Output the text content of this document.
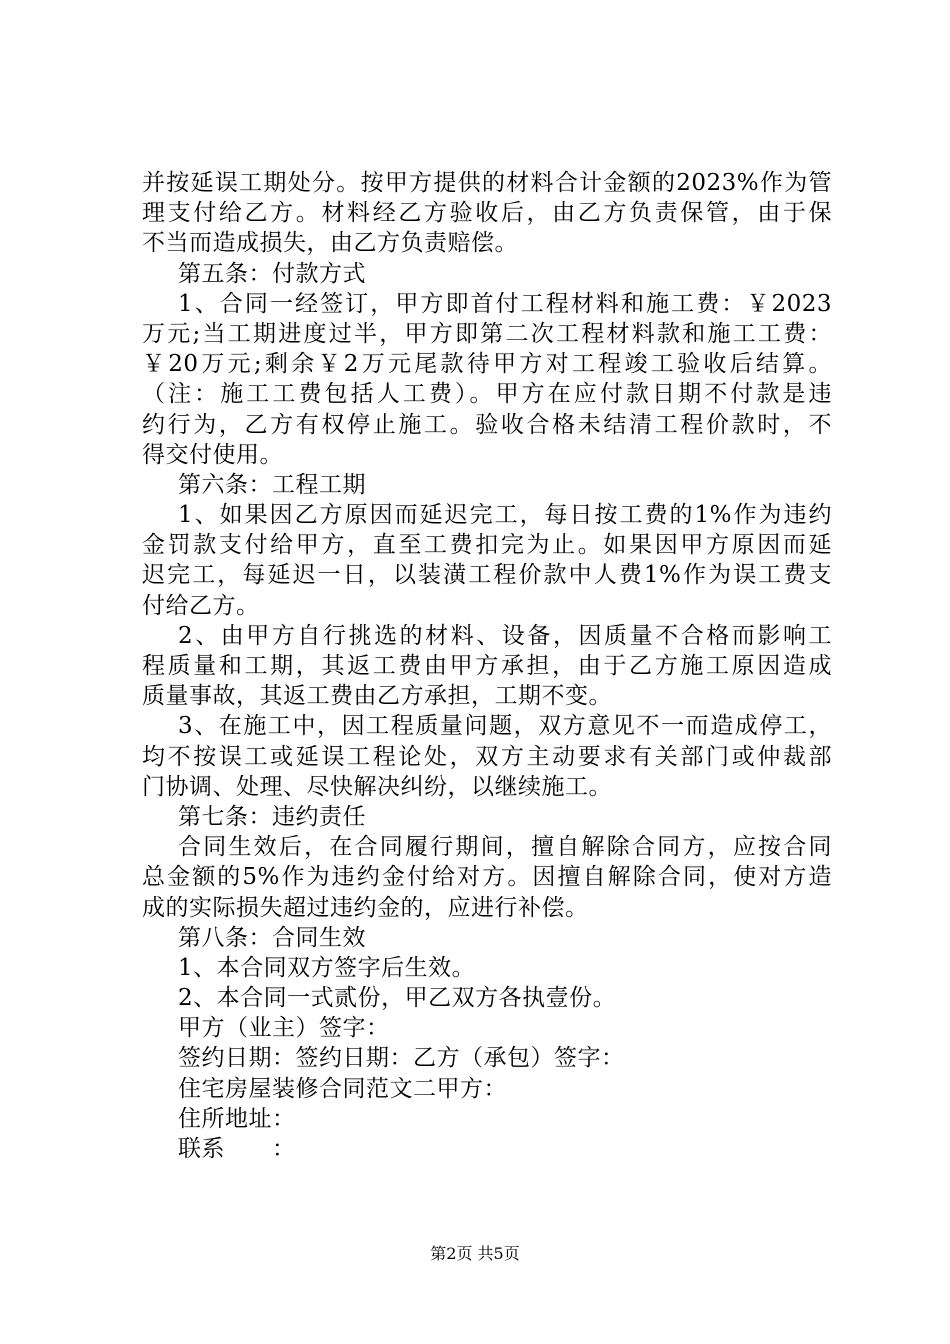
并按延误工期处分。按甲方提供的材料合计金额的2023%作为管
理支付给乙方。材料经乙方验收后，由乙方负责保管，由于保
不当而造成损失，由乙方负责赔偿。
第五条：付款方式
1、合同一经签订，甲方即首付工程材料和施工费：￥2023
万元;当工期进度过半，甲方即第二次工程材料款和施工工费：
￥20万元;剩余￥2万元尾款待甲方对工程竣工验收后结算。
（注：施工工费包括人工费）。甲方在应付款日期不付款是违
约行为，乙方有权停止施工。验收合格未结清工程价款时，不
得交付使用。
第六条：工程工期
1、如果因乙方原因而延迟完工，每日按工费的1%作为违约
金罚款支付给甲方，直至工费扣完为止。如果因甲方原因而延
迟完工，每延迟一日，以装潢工程价款中人费1%作为误工费支
付给乙方。
2、由甲方自行挑选的材料、设备，因质量不合格而影响工
程质量和工期，其返工费由甲方承担，由于乙方施工原因造成
质量事故，其返工费由乙方承担，工期不变。
3、在施工中，因工程质量问题，双方意见不一而造成停工，
均不按误工或延误工程论处，双方主动要求有关部门或仲裁部
门协调、处理、尽快解决纠纷，以继续施工。
第七条：违约责任
合同生效后，在合同履行期间，擅自解除合同方，应按合同
总金额的5%作为违约金付给对方。因擅自解除合同，使对方造
成的实际损失超过违约金的，应进行补偿。
第八条：合同生效
1、本合同双方签字后生效。
2、本合同一式贰份，甲乙双方各执壹份。
甲方（业主）签字：
签约日期：签约日期：乙方（承包）签字：
住宅房屋装修合同范文二甲方：
住所地址：
联系　　：
第2页 共5页
